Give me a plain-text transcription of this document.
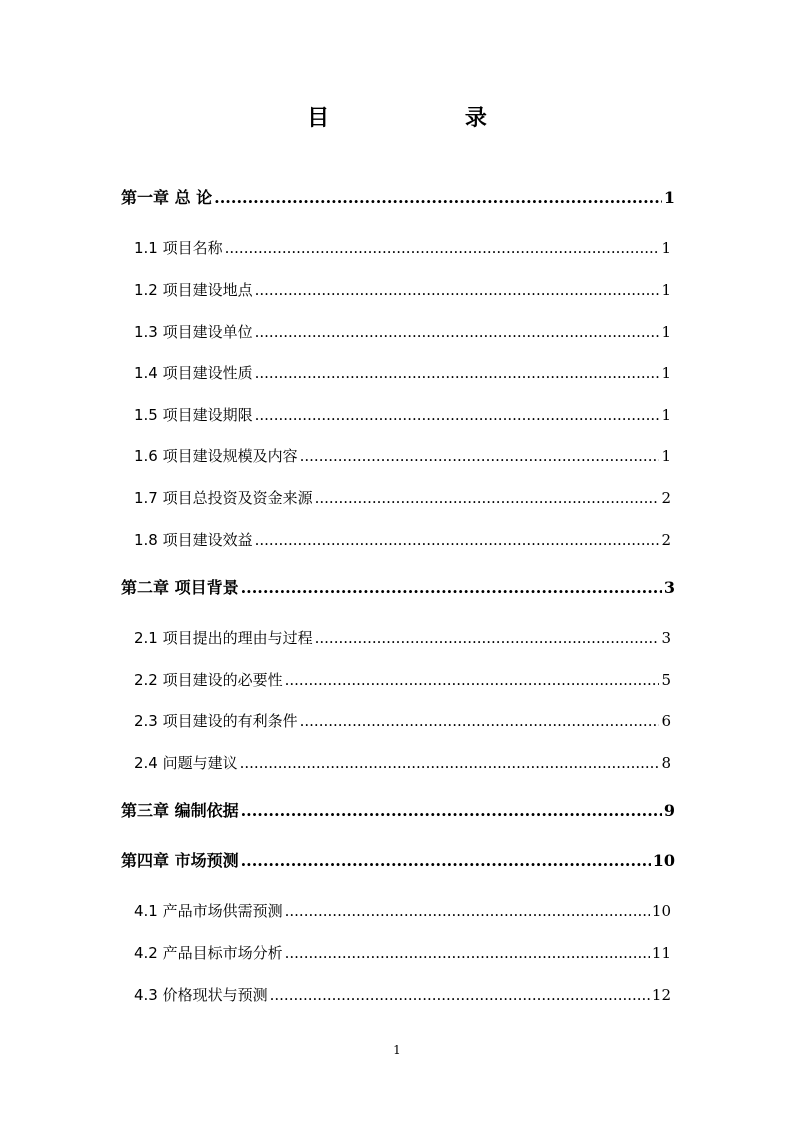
目 录
第一章 总 论 .....	1
1.1 项目名称 .....	1
1.2 项目建设地点 .....	1
1.3 项目建设单位 .....	1
1.4 项目建设性质 .....	1
1.5 项目建设期限 .....	1
1.6 项目建设规模及内容 .....	1
1.7 项目总投资及资金来源 .....	2
1.8 项目建设效益 .....	2
第二章 项目背景 .....	3
2.1 项目提出的理由与过程 .....	3
2.2 项目建设的必要性 .....	5
2.3 项目建设的有利条件 .....	6
2.4 问题与建议 .....	8
第三章 编制依据 .....	9
第四章 市场预测 .....	10
4.1 产品市场供需预测 .....	10
4.2 产品目标市场分析 .....	11
4.3 价格现状与预测 .....	12
1
